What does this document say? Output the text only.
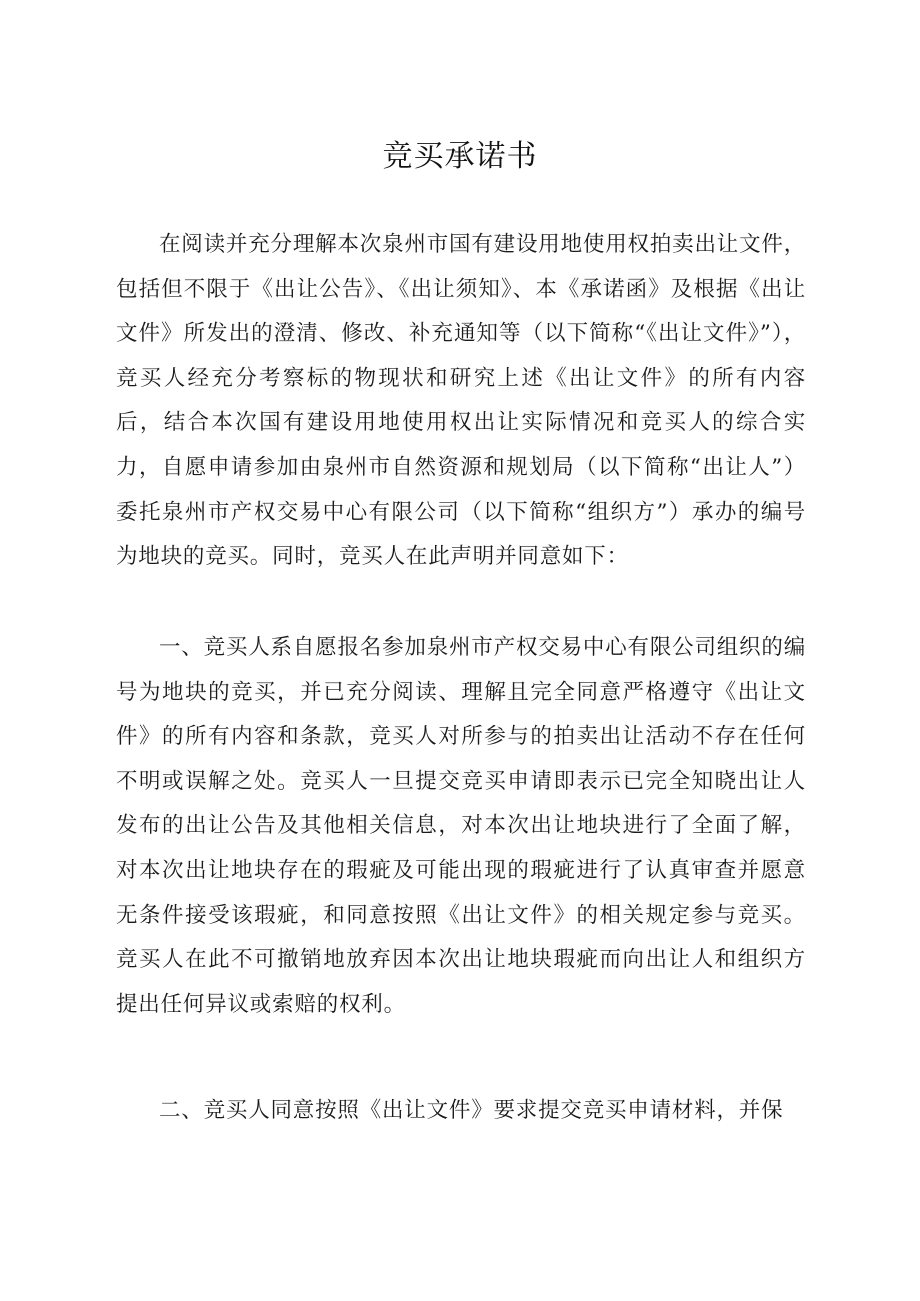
竞买承诺书

在阅读并充分理解本次泉州市国有建设用地使用权拍卖出让文件，包括但不限于《出让公告》、《出让须知》、本《承诺函》及根据《出让文件》所发出的澄清、修改、补充通知等（以下简称“《出让文件》”），竞买人经充分考察标的物现状和研究上述《出让文件》的所有内容后，结合本次国有建设用地使用权出让实际情况和竞买人的综合实力，自愿申请参加由泉州市自然资源和规划局（以下简称“出让人”）委托泉州市产权交易中心有限公司（以下简称“组织方”）承办的编号为地块的竞买。同时，竞买人在此声明并同意如下：

一、竞买人系自愿报名参加泉州市产权交易中心有限公司组织的编号为地块的竞买，并已充分阅读、理解且完全同意严格遵守《出让文件》的所有内容和条款，竞买人对所参与的拍卖出让活动不存在任何不明或误解之处。竞买人一旦提交竞买申请即表示已完全知晓出让人发布的出让公告及其他相关信息，对本次出让地块进行了全面了解，对本次出让地块存在的瑕疵及可能出现的瑕疵进行了认真审查并愿意无条件接受该瑕疵，和同意按照《出让文件》的相关规定参与竞买。竞买人在此不可撤销地放弃因本次出让地块瑕疵而向出让人和组织方提出任何异议或索赔的权利。

二、竞买人同意按照《出让文件》要求提交竞买申请材料，并保
